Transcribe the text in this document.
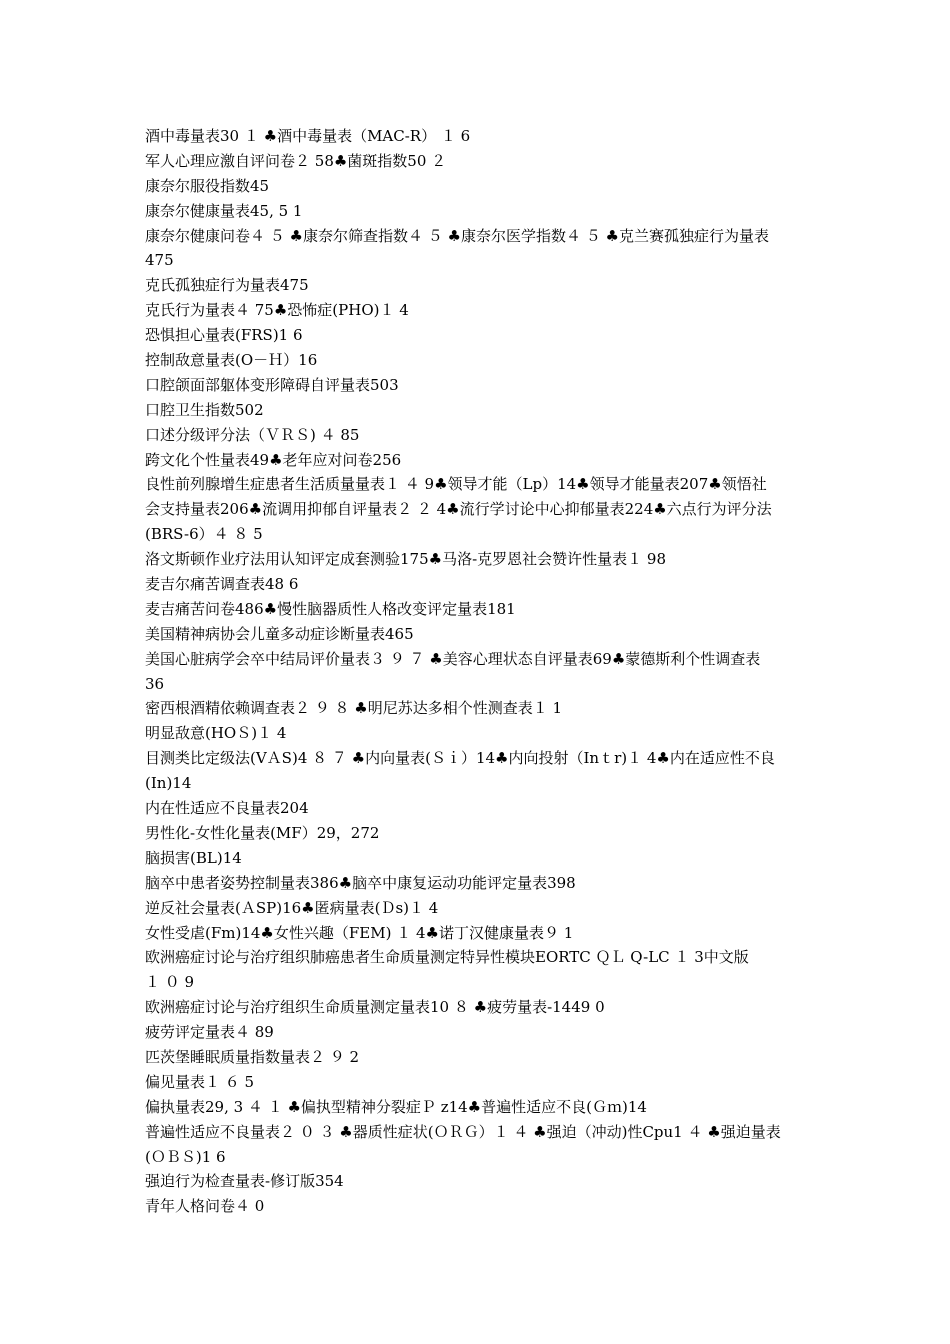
酒中毒量表30 １ ♣酒中毒量表（MAC-R） １ 6
军人心理应激自评问卷２ 58♣菌斑指数50 ２
康奈尔服役指数45
康奈尔健康量表45, 5 1
康奈尔健康问卷４ ５ ♣康奈尔筛查指数４ ５ ♣康奈尔医学指数４ ５ ♣克兰赛孤独症行为量表
475
克氏孤独症行为量表475
克氏行为量表４ 75♣恐怖症(PHO)１ 4
恐惧担心量表(FRS)1 6
控制敌意量表(O－Ｈ）16
口腔颌面部躯体变形障碍自评量表503
口腔卫生指数502
口述分级评分法（ＶＲＳ) ４ 85
跨文化个性量表49♣老年应对问卷256
良性前列腺增生症患者生活质量量表１ ４ 9♣领导才能（Lp）14♣领导才能量表207♣领悟社
会支持量表206♣流调用抑郁自评量表２ ２ 4♣流行学讨论中心抑郁量表224♣六点行为评分法
(BRS-6）４ ８ 5
洛文斯顿作业疗法用认知评定成套测验175♣马洛-克罗恩社会赞许性量表１ 98
麦吉尔痛苦调查表48 6
麦吉痛苦问卷486♣慢性脑器质性人格改变评定量表181
美国精神病协会儿童多动症诊断量表465
美国心脏病学会卒中结局评价量表３ ９ ７ ♣美容心理状态自评量表69♣蒙德斯利个性调查表
36
密西根酒精依赖调查表２ ９ ８ ♣明尼苏达多相个性测查表１ 1
明显敌意(HOＳ)１ 4
目测类比定级法(VＡS)4 ８ ７ ♣内向量表(Ｓｉ）14♣内向投射（Inｔr)１ 4♣内在适应性不良
(In)14
内在性适应不良量表204
男性化-女性化量表(MF）29，272
脑损害(BL)14
脑卒中患者姿势控制量表386♣脑卒中康复运动功能评定量表398
逆反社会量表(ＡSP)16♣匿病量表(Ｄs)１ 4
女性受虐(Fm)14♣女性兴趣（FEM) １ 4♣诺丁汉健康量表９ 1
欧洲癌症讨论与治疗组织肺癌患者生命质量测定特异性模块EORTC ＱＬ Q-LC １ 3中文版
１ ０ 9
欧洲癌症讨论与治疗组织生命质量测定量表10 ８ ♣疲劳量表-1449 0
疲劳评定量表４ 89
匹茨堡睡眠质量指数量表２ ９ 2
偏见量表１ ６ 5
偏执量表29, 3 ４ １ ♣偏执型精神分裂症Ｐ z14♣普遍性适应不良(Ｇｍ)14
普遍性适应不良量表２ ０ ３ ♣器质性症状(ＯＲＧ）１ ４ ♣强迫（冲动)性Cpu1 ４ ♣强迫量表
(ＯＢＳ)1 6
强迫行为检查量表-修订版354
青年人格问卷４ 0
